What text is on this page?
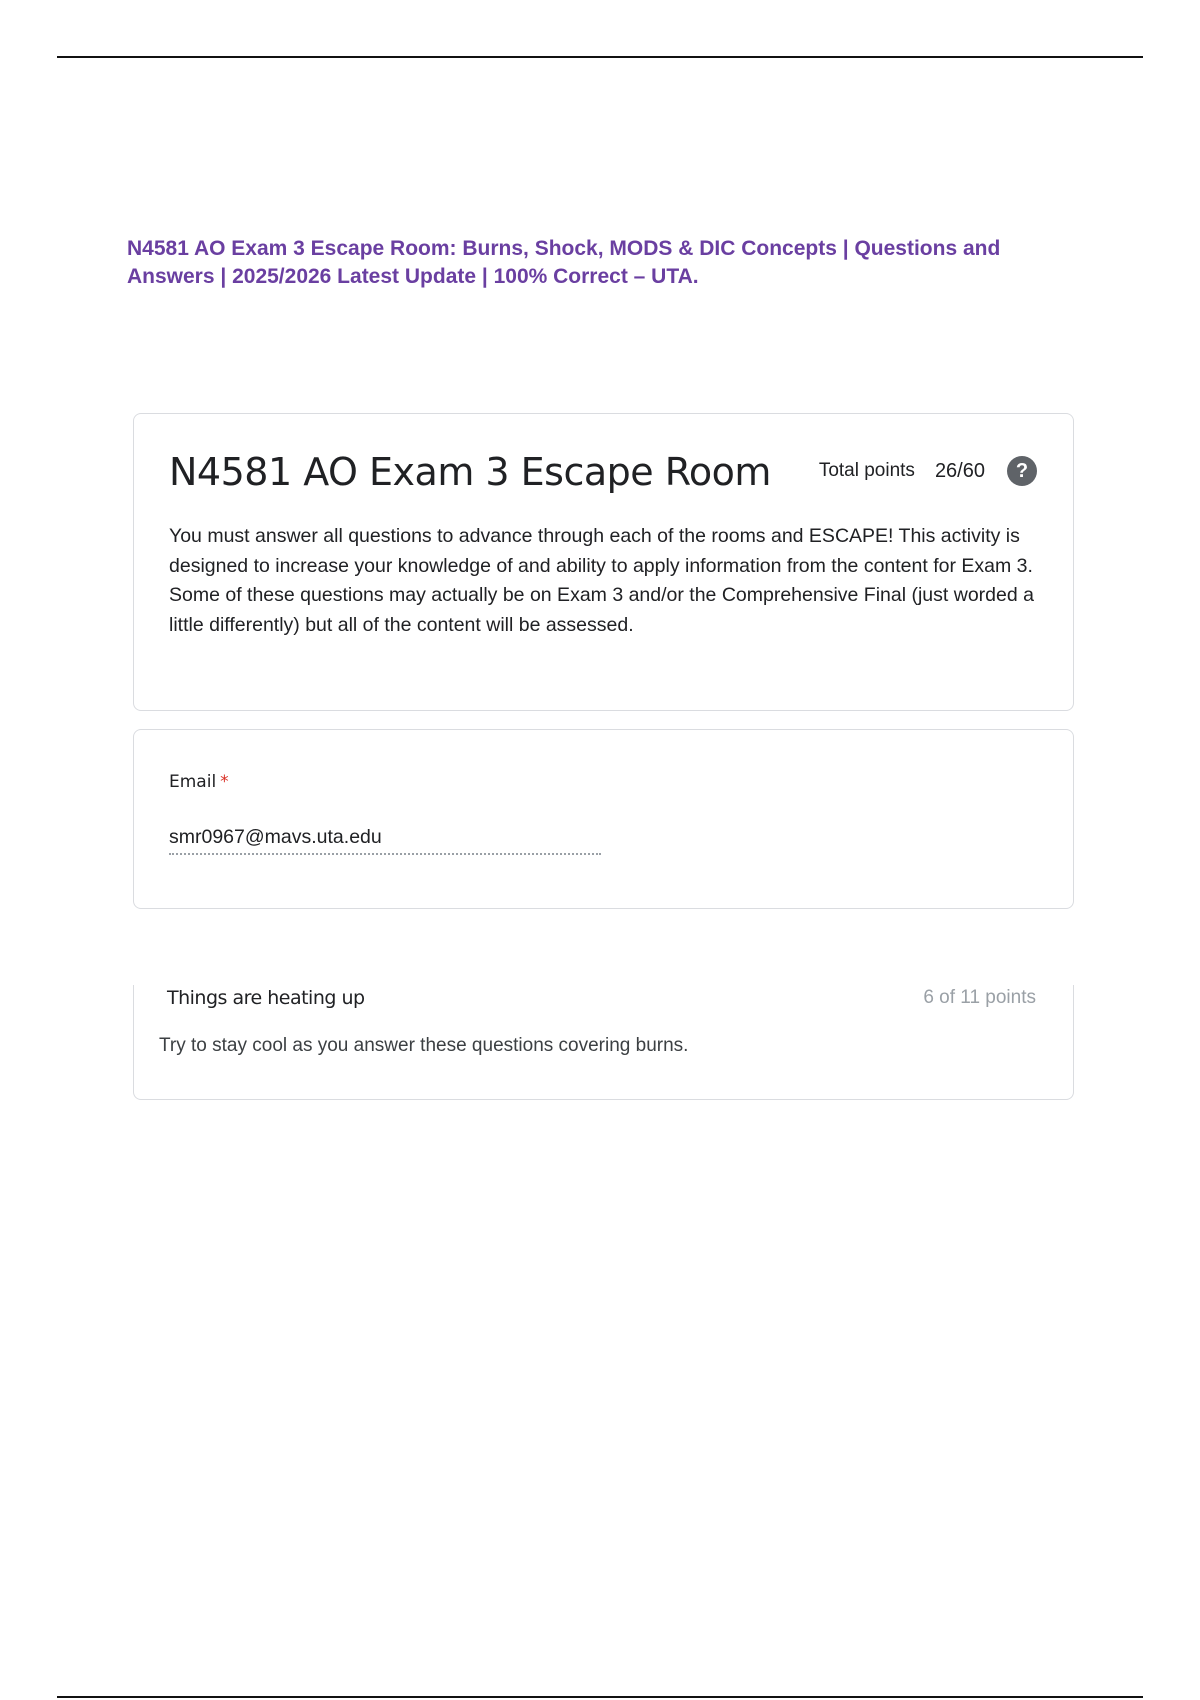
N4581 AO Exam 3 Escape Room: Burns, Shock, MODS & DIC Concepts | Questions and Answers | 2025/2026 Latest Update | 100% Correct – UTA.
N4581 AO Exam 3 Escape Room	Total points 26/60	?

You must answer all questions to advance through each of the rooms and ESCAPE! This activity is designed to increase your knowledge of and ability to apply information from the content for Exam 3. Some of these questions may actually be on Exam 3 and/or the Comprehensive Final (just worded a little differently) but all of the content will be assessed.

Email *
smr0967@mavs.uta.edu
Try to stay cool as you answer these questions covering burns.
Things are heating up	6 of 11 points
